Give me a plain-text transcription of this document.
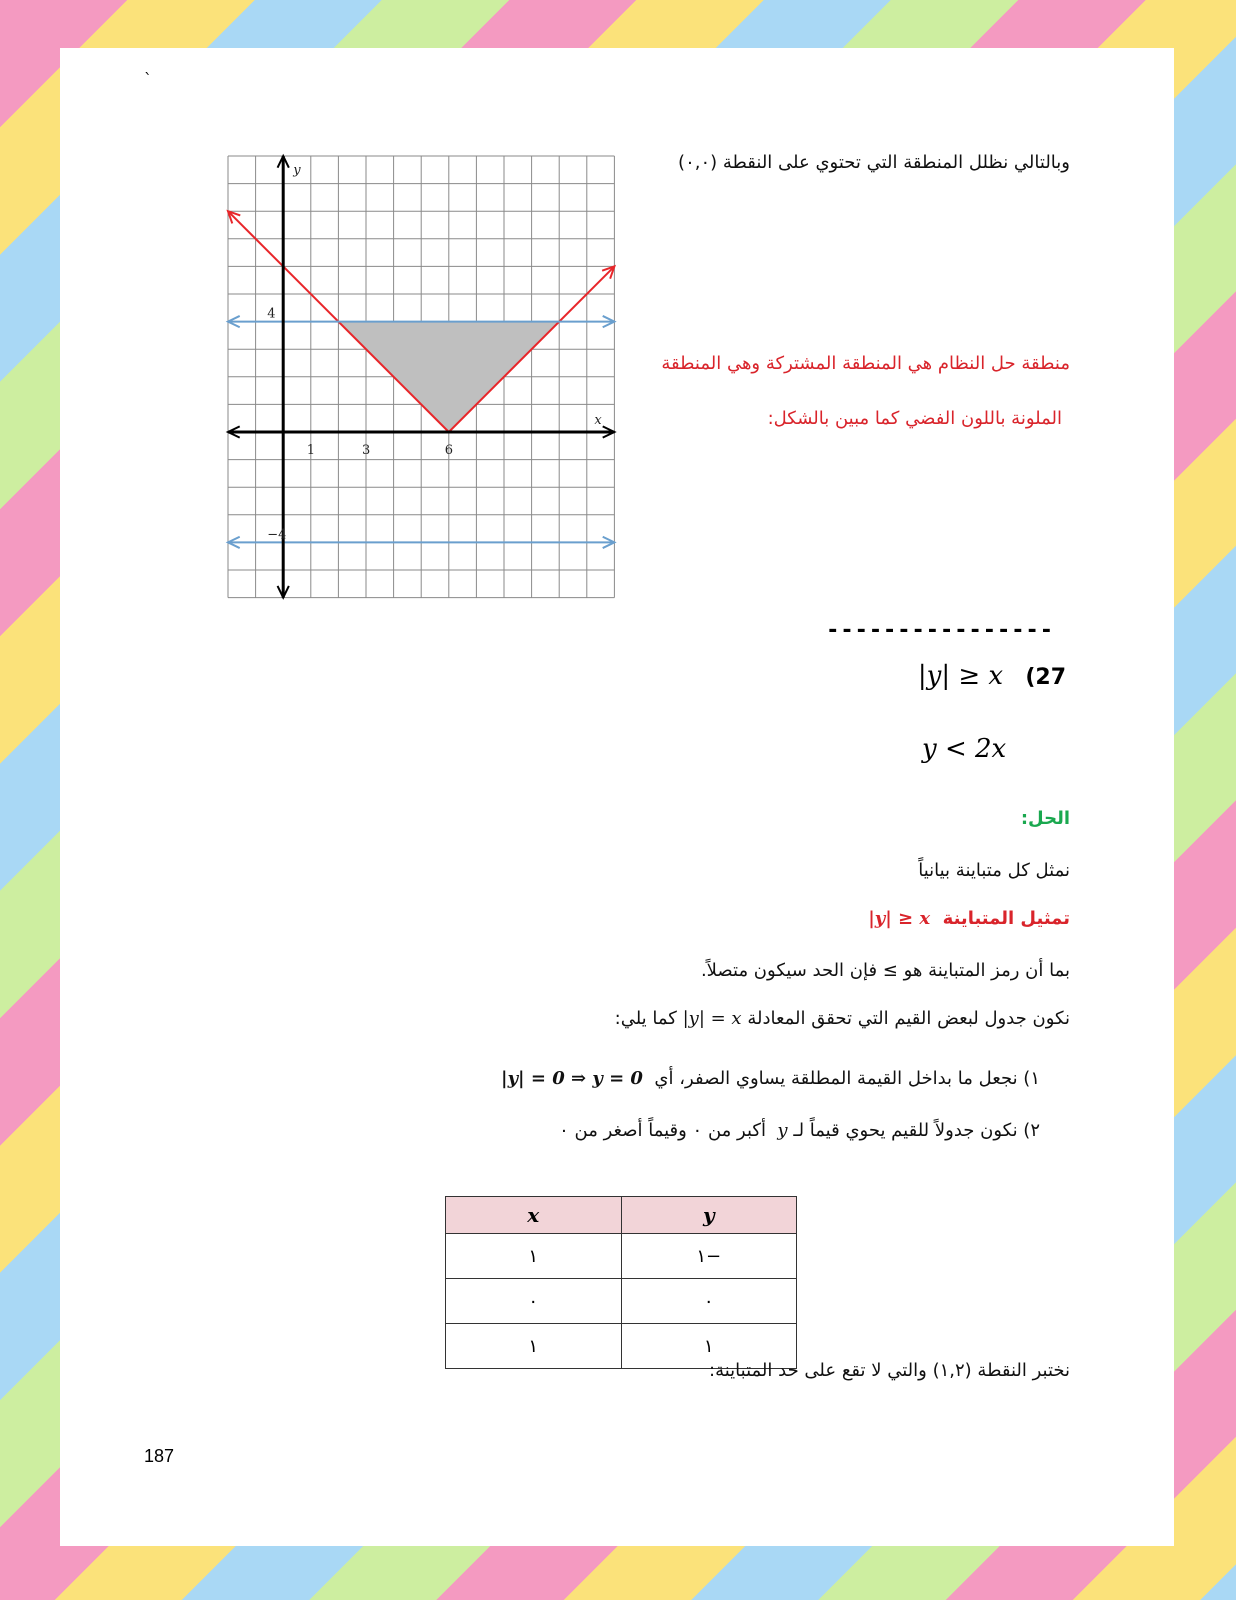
`
y
x
1	3	6
4
−4
وبالتالي نظلل المنطقة التي تحتوي على النقطة (٠,٠)
منطقة حل النظام هي المنطقة المشتركة وهي المنطقة
الملونة باللون الفضي كما مبين بالشكل:
----------------
|y| ≥ x (27
y < 2x
الحل:
نمثل كل متباينة بيانياً
تمثيل المتباينة  |y| ≥ x
بما أن رمز المتباينة هو ≥ فإن الحد سيكون متصلاً.
نكون جدول لبعض القيم التي تحقق المعادلة |y| = x كما يلي:
١) نجعل ما بداخل القيمة المطلقة يساوي الصفر، أي  |y| = 0 ⇒ y = 0
٢) نكون جدولاً للقيم يحوي قيماً لـ y  أكبر من ٠ وقيماً أصغر من ٠
x	y
١	١−
٠	٠
١	١
نختبر النقطة (١,٢) والتي لا تقع على حد المتباينة:
187
